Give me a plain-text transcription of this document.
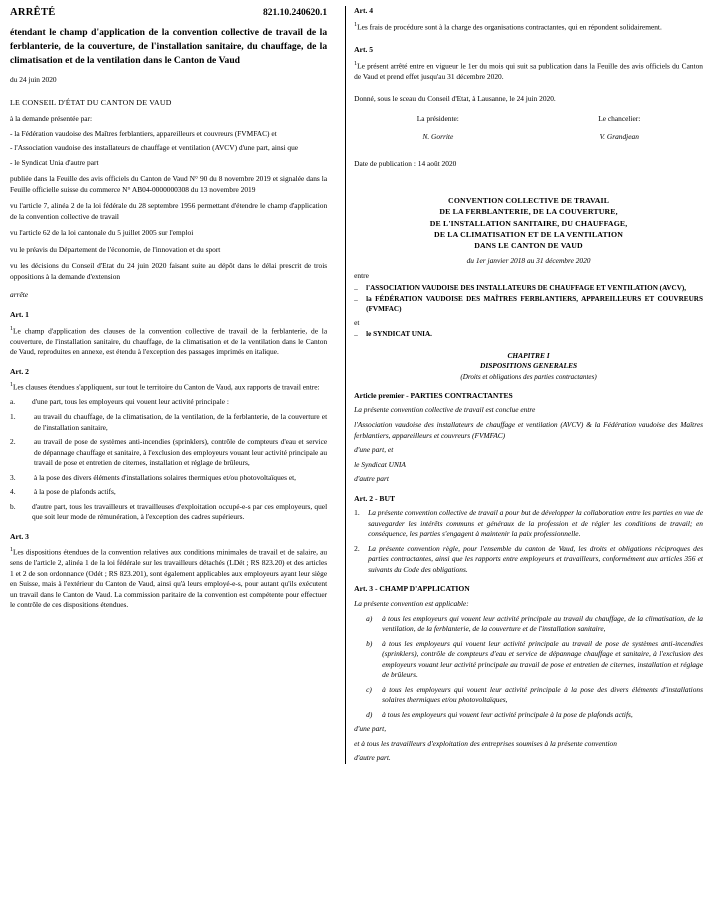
ARRÊTÉ	821.10.240620.1
étendant le champ d'application de la convention collective de travail de la ferblanterie, de la couverture, de l'installation sanitaire, du chauffage, de la climatisation et de la ventilation dans le Canton de Vaud
du 24 juin 2020
LE CONSEIL D'ÉTAT DU CANTON DE VAUD

à la demande présentée par:

- la Fédération vaudoise des Maîtres ferblantiers, appareilleurs et couvreurs (FVMFAC) et

- l'Association vaudoise des installateurs de chauffage et ventilation (AVCV) d'une part, ainsi que

- le Syndicat Unia d'autre part

publiée dans la Feuille des avis officiels du Canton de Vaud N° 90 du 8 novembre 2019 et signalée dans la Feuille officielle suisse du commerce N° AB04-0000000308 du 13 novembre 2019

vu l'article 7, alinéa 2 de la loi fédérale du 28 septembre 1956 permettant d'étendre le champ d'application de la convention collective de travail

vu l'article 62 de la loi cantonale du 5 juillet 2005 sur l'emploi

vu le préavis du Département de l'économie, de l'innovation et du sport

vu les décisions du Conseil d'Etat du 24 juin 2020 faisant suite au dépôt dans le délai prescrit de trois oppositions à la demande d'extension

arrête

Art. 1

$^1$Le champ d'application des clauses de la convention collective de travail de la ferblanterie, de la couverture, de l'installation sanitaire, du chauffage, de la climatisation et de la ventilation dans le Canton de Vaud, reproduites en annexe, est étendu à l'exception des passages imprimés en italique.

Art. 2

$^1$Les clauses étendues s'appliquent, sur tout le territoire du Canton de Vaud, aux rapports de travail entre:

a.	d'une part, tous les employeurs qui vouent leur activité principale :
1.	au travail du chauffage, de la climatisation, de la ventilation, de la ferblanterie, de la couverture et de l'installation sanitaire,
2.	au travail de pose de systèmes anti-incendies (sprinklers), contrôle de compteurs d'eau et service de dépannage chauffage et sanitaire, à l'exclusion des employeurs vouant leur activité principale au travail de pose et entretien de citernes, installation et réglage de brûleurs,
3.	à la pose des divers éléments d'installations solaires thermiques et/ou photovoltaïques et,
4.	à la pose de plafonds actifs,
b.	d'autre part, tous les travailleurs et travailleuses d'exploitation occupé-e-s par ces employeurs, quel que soit leur mode de rémunération, à l'exception des cadres supérieurs.
Art. 3

$^1$Les dispositions étendues de la convention relatives aux conditions minimales de travail et de salaire, au sens de l'article 2, alinéa 1 de la loi fédérale sur les travailleurs détachés (LDét ; RS 823.20) et des articles 1 et 2 de son ordonnance (Odét ; RS 823.201), sont également applicables aux employeurs ayant leur siège en Suisse, mais à l'extérieur du Canton de Vaud, ainsi qu'à leurs employé-e-s, pour autant qu'ils exécutent un travail dans le Canton de Vaud. La commission paritaire de la convention est compétente pour effectuer le contrôle de ces dispositions étendues.

Art. 4

$^1$Les frais de procédure sont à la charge des organisations contractantes, qui en répondent solidairement.

Art. 5

$^1$Le présent arrêté entre en vigueur le 1er du mois qui suit sa publication dans la Feuille des avis officiels du Canton de Vaud et prend effet jusqu'au 31 décembre 2020.

Donné, sous le sceau du Conseil d'Etat, à Lausanne, le 24 juin 2020.

La présidente:
N. Gorrite
Le chancelier:
V. Grandjean

Date de publication : 14 août 2020

CONVENTION COLLECTIVE DE TRAVAIL
DE LA FERBLANTERIE, DE LA COUVERTURE,
DE L'INSTALLATION SANITAIRE, DU CHAUFFAGE,
DE LA CLIMATISATION ET DE LA VENTILATION
DANS LE CANTON DE VAUD
du 1er janvier 2018 au 31 décembre 2020
entre
–	l'ASSOCIATION VAUDOISE DES INSTALLATEURS DE CHAUFFAGE ET VENTILATION (AVCV),
–	la FÉDÉRATION VAUDOISE DES MAÎTRES FERBLANTIERS, APPAREILLEURS ET COUVREURS (FVMFAC)
et
–	le SYNDICAT UNIA.
CHAPITRE I
DISPOSITIONS GENERALES
(Droits et obligations des parties contractantes)
Article premier - PARTIES CONTRACTANTES

La présente convention collective de travail est conclue entre

l'Association vaudoise des installateurs de chauffage et ventilation (AVCV) & la Fédération vaudoise des Maîtres ferblantiers, appareilleurs et couvreurs (FVMFAC)

d'une part, et

le Syndicat UNIA

d'autre part

Art. 2 - BUT
1.	La présente convention collective de travail a pour but de développer la collaboration entre les parties en vue de sauvegarder les intérêts communs et généraux de la profession et de régler les conditions de travail; en conséquence, les parties s'engagent à maintenir la paix professionnelle.
2.	La présente convention règle, pour l'ensemble du canton de Vaud, les droits et obligations réciproques des parties contractantes, ainsi que les rapports entre employeurs et travailleurs, conformément aux articles 356 et suivants du Code des obligations.
Art. 3 - CHAMP D'APPLICATION

La présente convention est applicable:

a)	à tous les employeurs qui vouent leur activité principale au travail du chauffage, de la climatisation, de la ventilation, de la ferblanterie, de la couverture et de l'installation sanitaire,
b)	à tous les employeurs qui vouent leur activité principale au travail de pose de systèmes anti-incendies (sprinklers), contrôle de compteurs d'eau et service de dépannage chauffage et sanitaire, à l'exclusion des employeurs vouant leur activité principale au travail de pose et entretien de citernes, installation et réglage de brûleurs.
c)	à tous les employeurs qui vouent leur activité principale à la pose des divers éléments d'installations solaires thermiques et/ou photovoltaïques,
d)	à tous les employeurs qui vouent leur activité principale à la pose de plafonds actifs,

d'une part,

et à tous les travailleurs d'exploitation des entreprises soumises à la présente convention

d'autre part.
